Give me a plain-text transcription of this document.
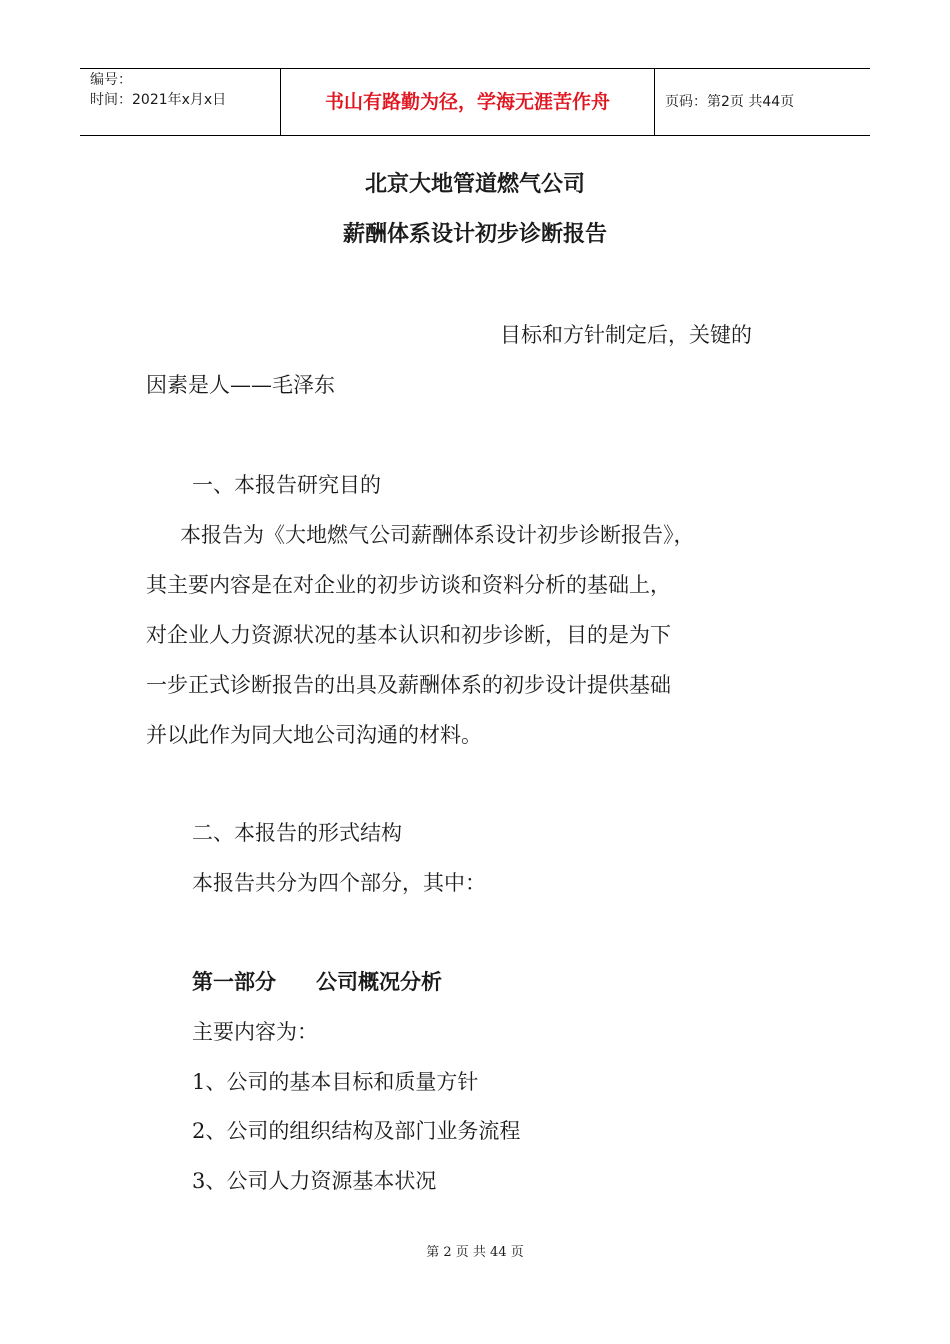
编号：
时间：2021年x月x日	书山有路勤为径，学海无涯苦作舟	页码：第2页 共44页
北京大地管道燃气公司
薪酬体系设计初步诊断报告
目标和方针制定后，关键的
因素是人——毛泽东
一、本报告研究目的
本报告为《大地燃气公司薪酬体系设计初步诊断报告》，
其主要内容是在对企业的初步访谈和资料分析的基础上，
对企业人力资源状况的基本认识和初步诊断，目的是为下
一步正式诊断报告的出具及薪酬体系的初步设计提供基础
并以此作为同大地公司沟通的材料。
二、本报告的形式结构
本报告共分为四个部分，其中：
第一部分 公司概况分析
主要内容为：
1、公司的基本目标和质量方针
2、公司的组织结构及部门业务流程
3、公司人力资源基本状况
第 2 页 共 44 页
